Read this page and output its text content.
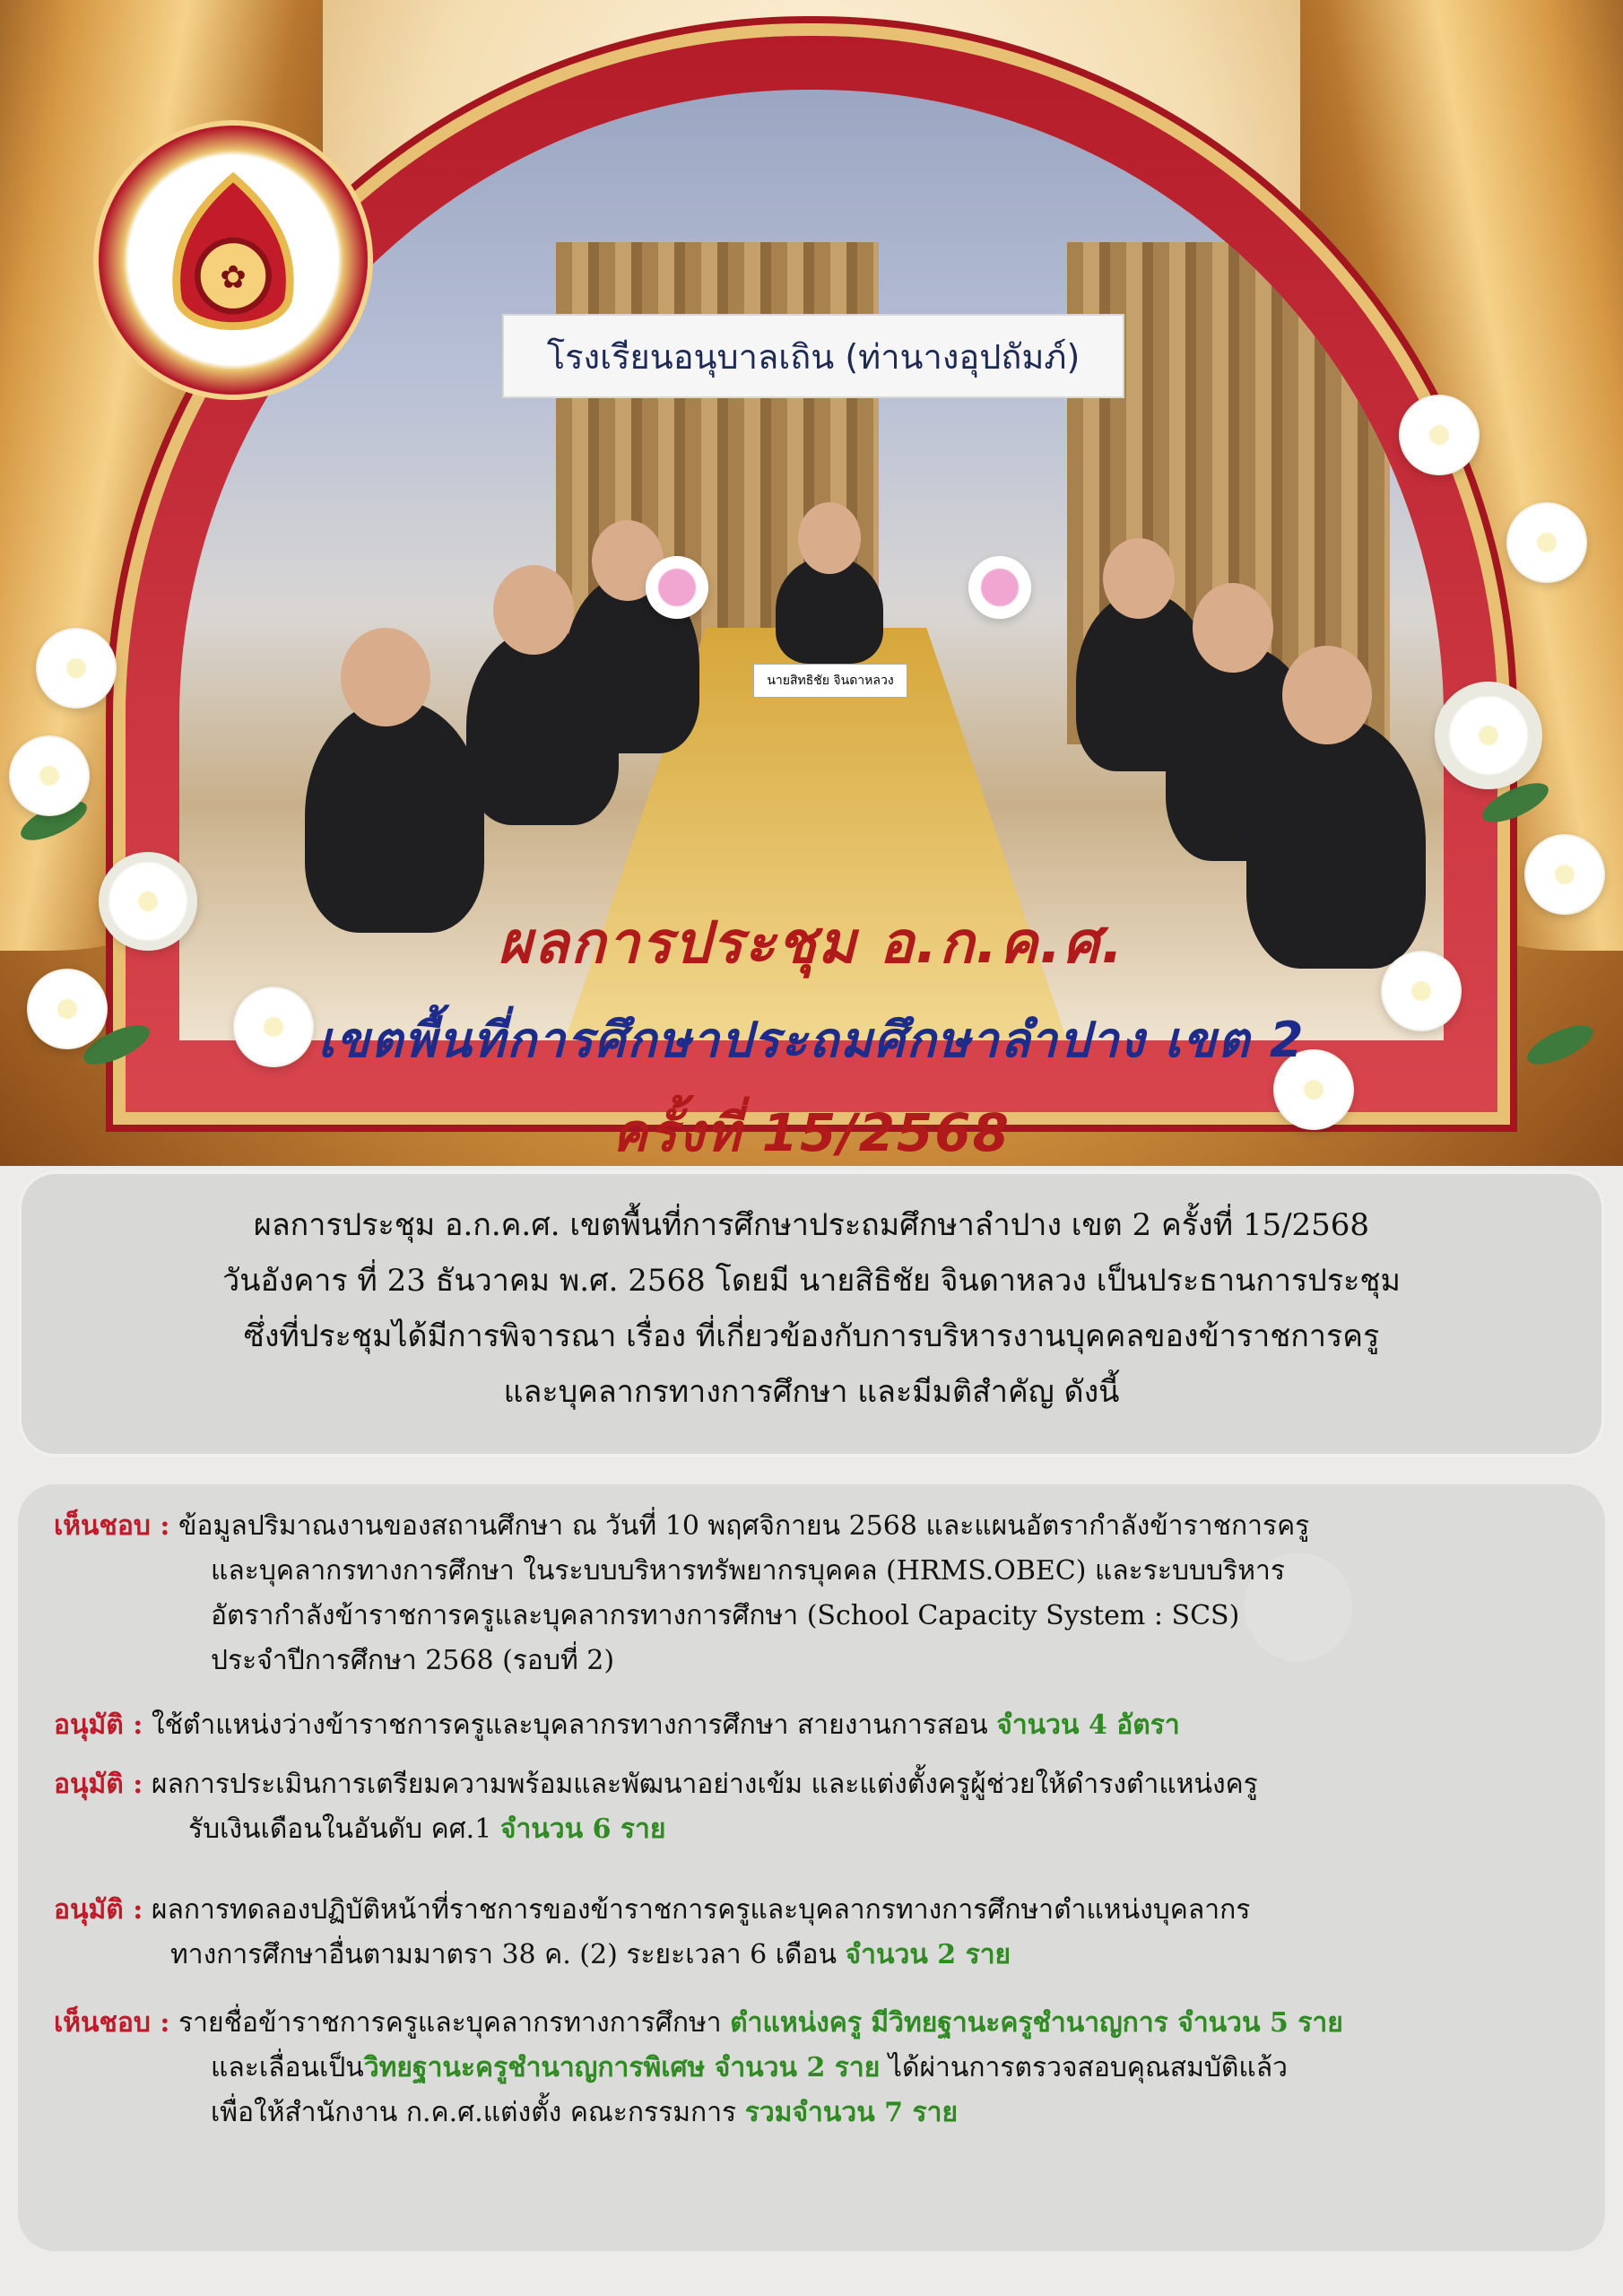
โรงเรียนอนุบาลเถิน (ท่านางอุปถัมภ์)
นายสิทธิชัย จินดาหลวง
✿
ผลการประชุม อ.ก.ค.ศ.
เขตพื้นที่การศึกษาประถมศึกษาลำปาง เขต 2
ครั้งที่ 15/2568

ผลการประชุม อ.ก.ค.ศ. เขตพื้นที่การศึกษาประถมศึกษาลำปาง เขต 2 ครั้งที่ 15/2568

วันอังคาร ที่ 23 ธันวาคม พ.ศ. 2568 โดยมี นายสิธิชัย จินดาหลวง เป็นประธานการประชุม

ซึ่งที่ประชุมได้มีการพิจารณา เรื่อง ที่เกี่ยวข้องกับการบริหารงานบุคคลของข้าราชการครู

และบุคลากรทางการศึกษา และมีมติสำคัญ ดังนี้

เห็นชอบ : ข้อมูลปริมาณงานของสถานศึกษา ณ วันที่ 10 พฤศจิกายน 2568 และแผนอัตรากำลังข้าราชการครู
และบุคลากรทางการศึกษา ในระบบบริหารทรัพยากรบุคคล (HRMS.OBEC) และระบบบริหาร
อัตรากำลังข้าราชการครูและบุคลากรทางการศึกษา (School Capacity System : SCS)
ประจำปีการศึกษา 2568 (รอบที่ 2)
อนุมัติ : ใช้ตำแหน่งว่างข้าราชการครูและบุคลากรทางการศึกษา สายงานการสอน จำนวน 4 อัตรา
อนุมัติ : ผลการประเมินการเตรียมความพร้อมและพัฒนาอย่างเข้ม และแต่งตั้งครูผู้ช่วยให้ดำรงตำแหน่งครู
รับเงินเดือนในอันดับ คศ.1 จำนวน 6 ราย
อนุมัติ : ผลการทดลองปฏิบัติหน้าที่ราชการของข้าราชการครูและบุคลากรทางการศึกษาตำแหน่งบุคลากร
ทางการศึกษาอื่นตามมาตรา 38 ค. (2) ระยะเวลา 6 เดือน จำนวน 2 ราย
เห็นชอบ : รายชื่อข้าราชการครูและบุคลากรทางการศึกษา ตำแหน่งครู มีวิทยฐานะครูชำนาญการ จำนวน 5 ราย
และเลื่อนเป็นวิทยฐานะครูชำนาญการพิเศษ จำนวน 2 ราย ได้ผ่านการตรวจสอบคุณสมบัติแล้ว
เพื่อให้สำนักงาน ก.ค.ศ.แต่งตั้ง คณะกรรมการ รวมจำนวน 7 ราย
